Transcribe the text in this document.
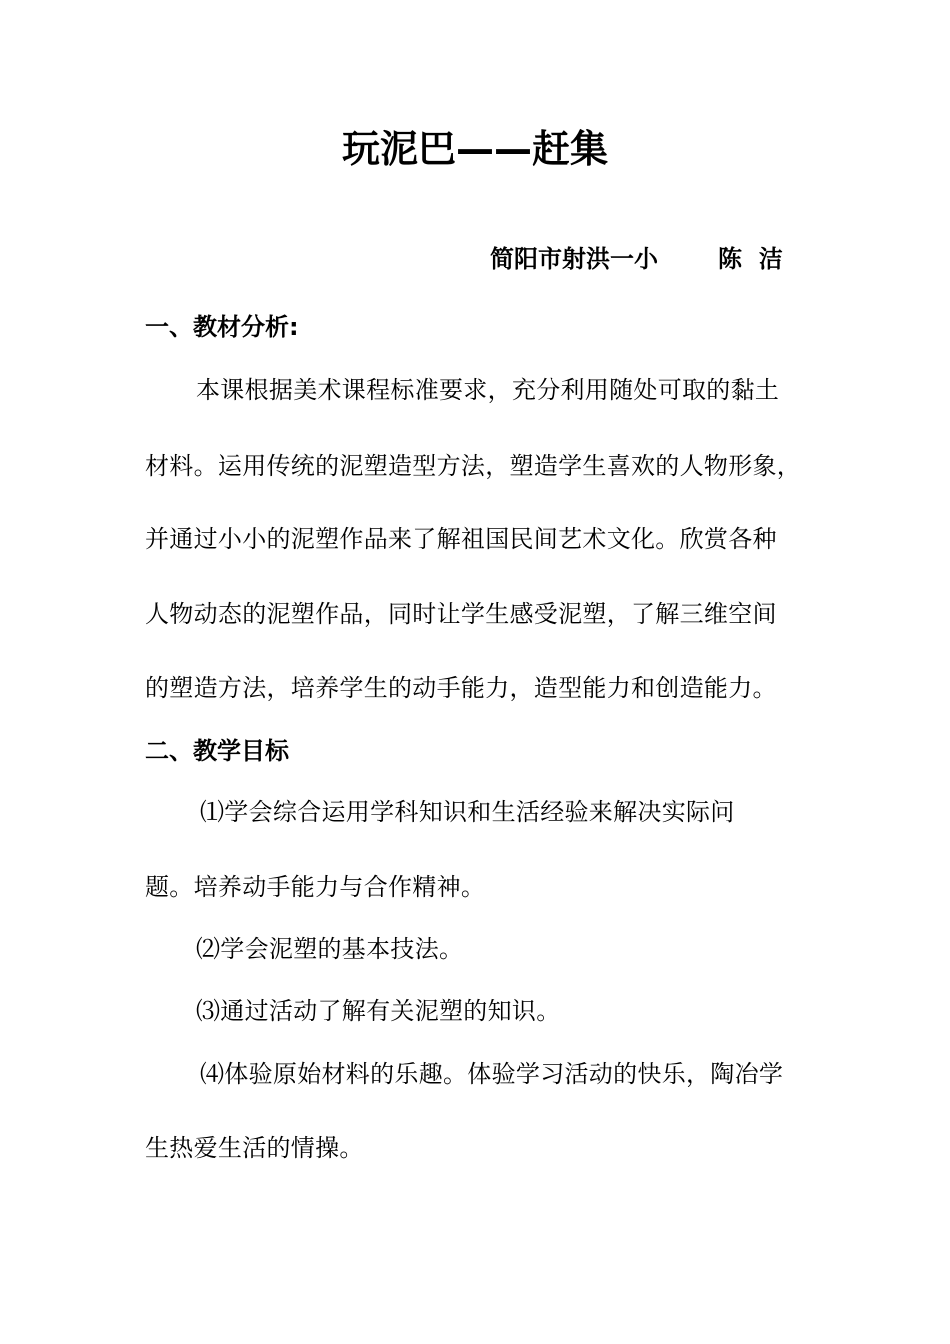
玩泥巴——赶集
简阳市射洪一小	陈  洁
一、教材分析:
本课根据美术课程标准要求，充分利用随处可取的黏土
材料。运用传统的泥塑造型方法，塑造学生喜欢的人物形象，
并通过小小的泥塑作品来了解祖国民间艺术文化。欣赏各种
人物动态的泥塑作品，同时让学生感受泥塑，了解三维空间
的塑造方法，培养学生的动手能力，造型能力和创造能力。
二、教学目标
⑴学会综合运用学科知识和生活经验来解决实际问
题。培养动手能力与合作精神。
⑵学会泥塑的基本技法。
⑶通过活动了解有关泥塑的知识。
⑷体验原始材料的乐趣。体验学习活动的快乐，陶冶学
生热爱生活的情操。
